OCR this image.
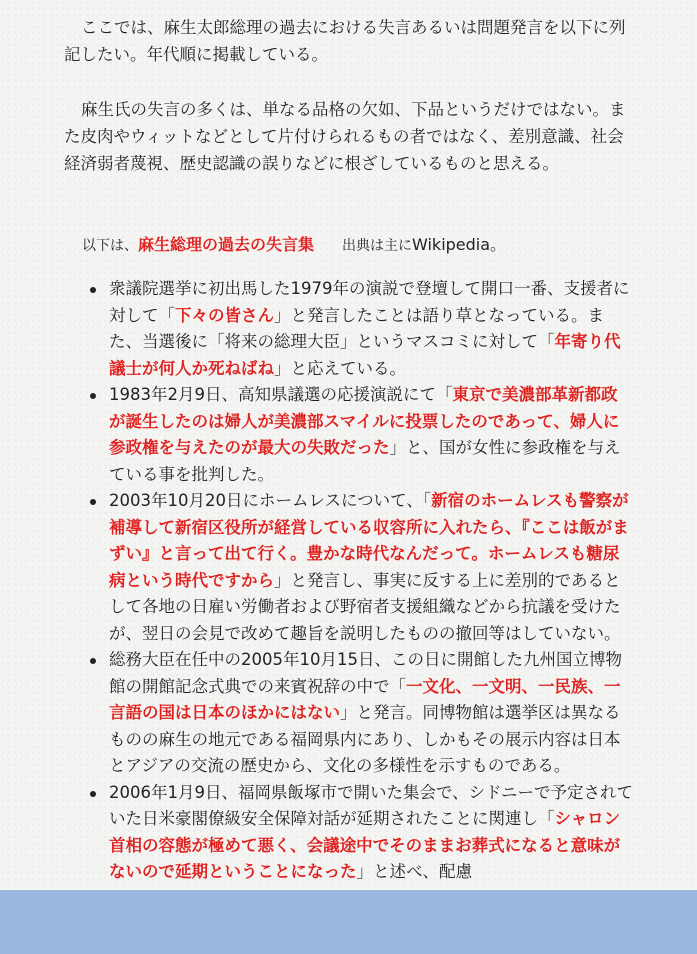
ここでは、麻生太郎総理の過去における失言あるいは問題発言を以下に列記したい。年代順に掲載している。

麻生氏の失言の多くは、単なる品格の欠如、下品というだけではない。また皮肉やウィットなどとして片付けられるもの者ではなく、差別意識、社会経済弱者蔑視、歴史認識の誤りなどに根ざしているものと思える。

以下は、麻生総理の過去の失言集 出典は主にWikipedia。
衆議院選挙に初出馬した1979年の演説で登壇して開口一番、支援者に対して「下々の皆さん」と発言したことは語り草となっている。また、当選後に「将来の総理大臣」というマスコミに対して「年寄り代議士が何人か死ねばね」と応えている。
1983年2月9日、高知県議選の応援演説にて「東京で美濃部革新都政が誕生したのは婦人が美濃部スマイルに投票したのであって、婦人に参政権を与えたのが最大の失敗だった」と、国が女性に参政権を与えている事を批判した。
2003年10月20日にホームレスについて、「新宿のホームレスも警察が補導して新宿区役所が経営している収容所に入れたら、『ここは飯がまずい』と言って出て行く。豊かな時代なんだって。ホームレスも糖尿病という時代ですから」と発言し、事実に反する上に差別的であるとして各地の日雇い労働者および野宿者支援組織などから抗議を受けたが、翌日の会見で改めて趣旨を説明したものの撤回等はしていない。
総務大臣在任中の2005年10月15日、この日に開館した九州国立博物館の開館記念式典での来賓祝辞の中で「一文化、一文明、一民族、一言語の国は日本のほかにはない」と発言。同博物館は選挙区は異なるものの麻生の地元である福岡県内にあり、しかもその展示内容は日本とアジアの交流の歴史から、文化の多様性を示すものである。
2006年1月9日、福岡県飯塚市で開いた集会で、シドニーで予定されていた日米豪閣僚級安全保障対話が延期されたことに関連し「シャロン首相の容態が極めて悪く、会議途中でそのままお葬式になると意味がないので延期ということになった」と述べ、配慮
